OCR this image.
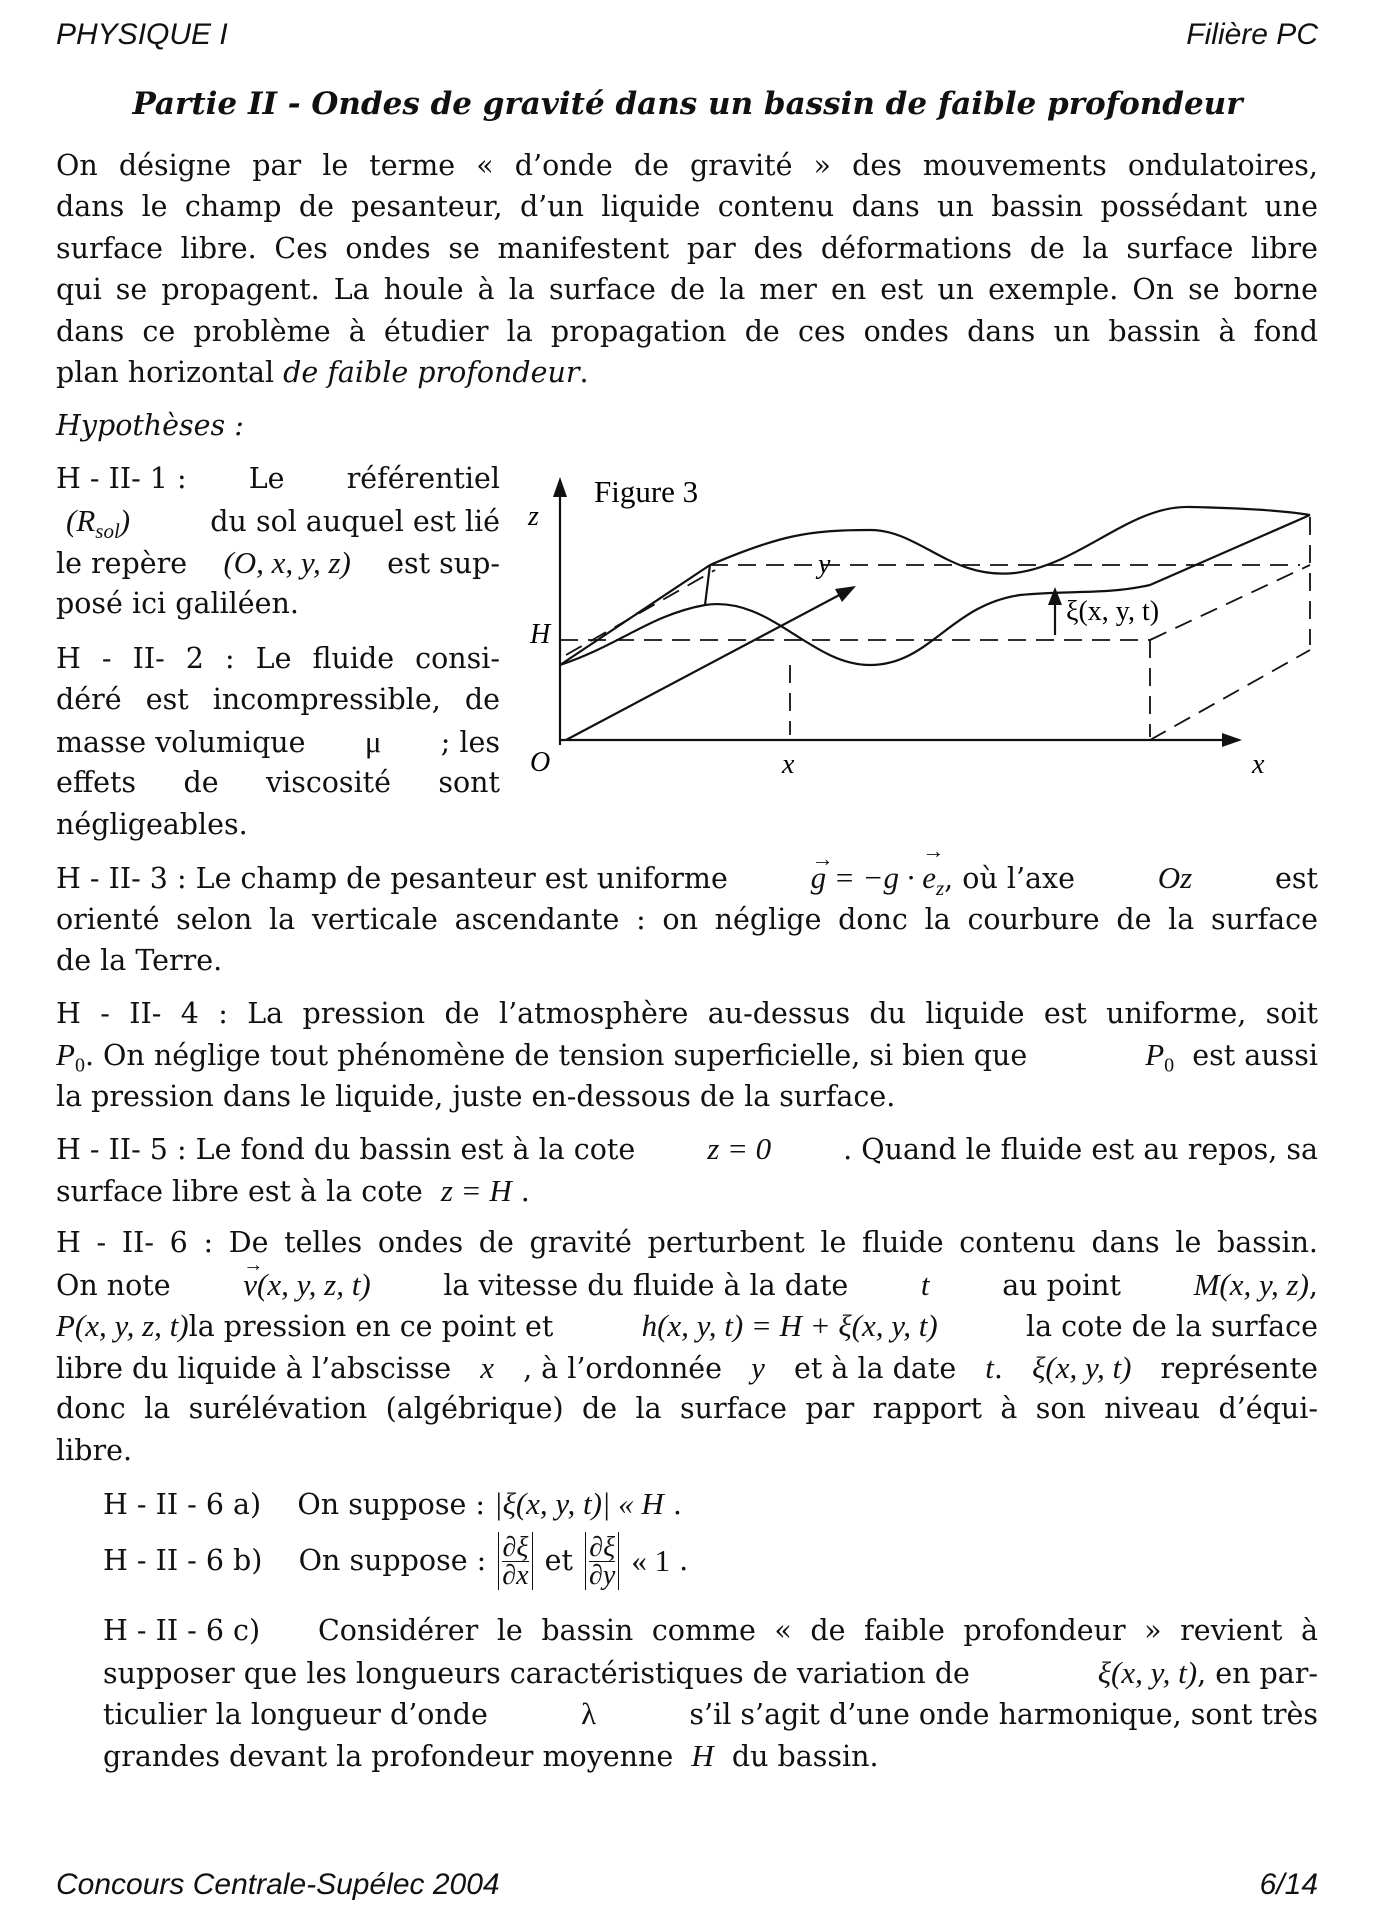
PHYSIQUE I	Filière PC
Partie II - Ondes de gravité dans un bassin de faible profondeur
On désigne par le terme « d’onde de gravité » des mouvements ondulatoires,
dans le champ de pesanteur, d’un liquide contenu dans un bassin possédant une
surface libre. Ces ondes se manifestent par des déformations de la surface libre
qui se propagent. La houle à la surface de la mer en est un exemple. On se borne
dans ce problème à étudier la propagation de ces ondes dans un bassin à fond
plan horizontal de faible profondeur.
Hypothèses :
H - II- 1 : Le référentiel
$(R_{sol})$	du sol auquel est lié
le repère (O, x, y, z) est sup-
posé ici galiléen.
H - II- 2 : Le fluide consi-
déré est incompressible, de
masse volumique μ ; les
effets de viscosité sont
négligeables.
Figure 3
z
y
H
O	x	x
ξ(x, y, t)
H - II- 3 : Le champ de pesanteur est uniforme	g
→
= −g · e
→
$_z$, où l’axe	Oz	est
orienté selon la verticale ascendante : on néglige donc la courbure de la surface
de la Terre.
H - II- 4 : La pression de l’atmosphère au-dessus du liquide est uniforme, soit
$P_0$. On néglige tout phénomène de tension superficielle, si bien que	$P_0$ est aussi
la pression dans le liquide, juste en-dessous de la surface.
H - II- 5 : Le fond du bassin est à la cote z = 0	. Quand le fluide est au repos, sa
surface libre est à la cote z = H .
H - II- 6 : De telles ondes de gravité perturbent le fluide contenu dans le bassin.
On note v
→
(x, y, z, t)	la vitesse du fluide à la date t	au point M(x, y, z),
P(x, y, z, t)la pression en ce point et	h(x, y, t) = H + ξ(x, y, t)	la cote de la surface
libre du liquide à l’abscisse x , à l’ordonnée y et à la date t. ξ(x, y, t) représente
donc la surélévation (algébrique) de la surface par rapport à son niveau d’équi-
libre.
H - II - 6 a) On suppose : |ξ(x, y, t)| « H .
H - II - 6 b)
On suppose :
$\frac{\partial\xi}{\partial x}$
et
$\frac{\partial\xi}{\partial y}$
« 1
.
H - II - 6 c) Considérer le bassin comme « de faible profondeur » revient à
supposer que les longueurs caractéristiques de variation de	ξ(x, y, t), en par-
ticulier la longueur d’onde	λ	s’il s’agit d’une onde harmonique, sont très
grandes devant la profondeur moyenne H du bassin.
Concours Centrale-Supélec 2004	6/14
